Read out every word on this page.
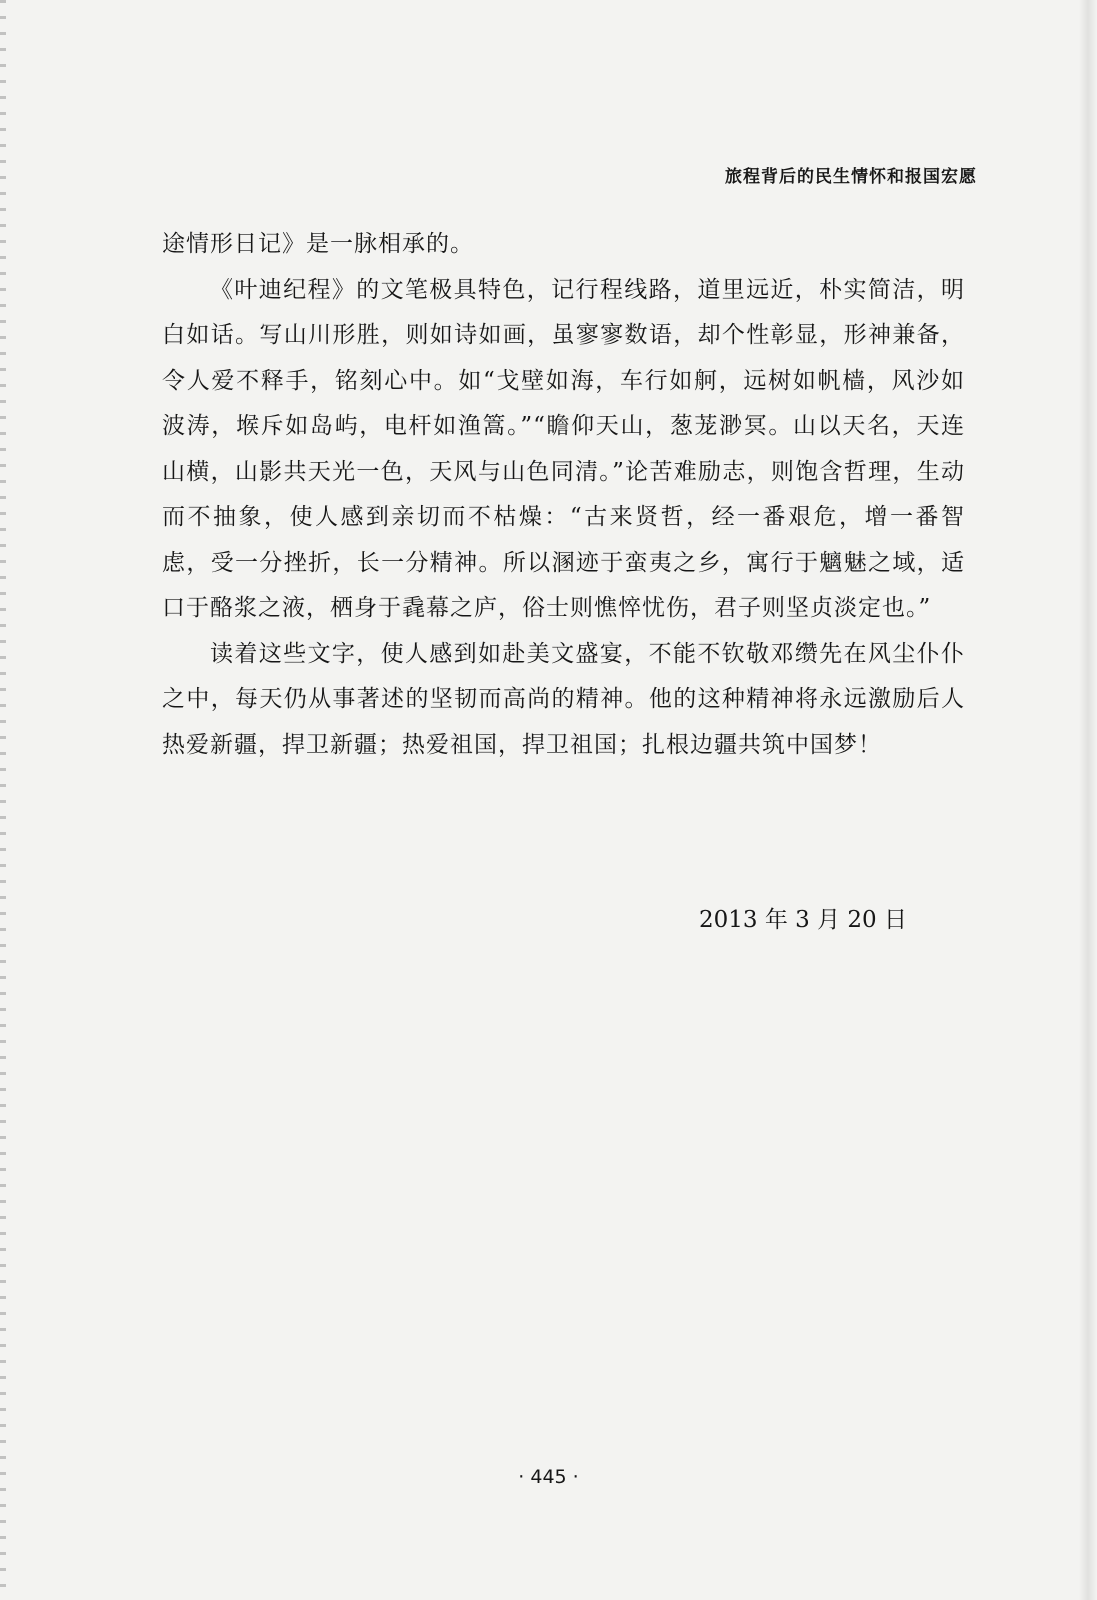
旅程背后的民生情怀和报国宏愿

途情形日记》是一脉相承的。

《叶迪纪程》的文笔极具特色，记行程线路，道里远近，朴实简洁，明白如话。写山川形胜，则如诗如画，虽寥寥数语，却个性彰显，形神兼备，令人爱不释手，铭刻心中。如“戈壁如海，车行如舸，远树如帆樯，风沙如波涛，堠斥如岛屿，电杆如渔篙。”“瞻仰天山，葱茏渺冥。山以天名，天连山横，山影共天光一色，天风与山色同清。”论苦难励志，则饱含哲理，生动而不抽象，使人感到亲切而不枯燥：“古来贤哲，经一番艰危，增一番智虑，受一分挫折，长一分精神。所以溷迹于蛮夷之乡，寓行于魑魅之域，适口于酪浆之液，栖身于毳幕之庐，俗士则憔悴忧伤，君子则坚贞淡定也。”

读着这些文字，使人感到如赴美文盛宴，不能不钦敬邓缵先在风尘仆仆之中，每天仍从事著述的坚韧而高尚的精神。他的这种精神将永远激励后人热爱新疆，捍卫新疆；热爱祖国，捍卫祖国；扎根边疆共筑中国梦！

2013 年 3 月 20 日
· 445 ·
